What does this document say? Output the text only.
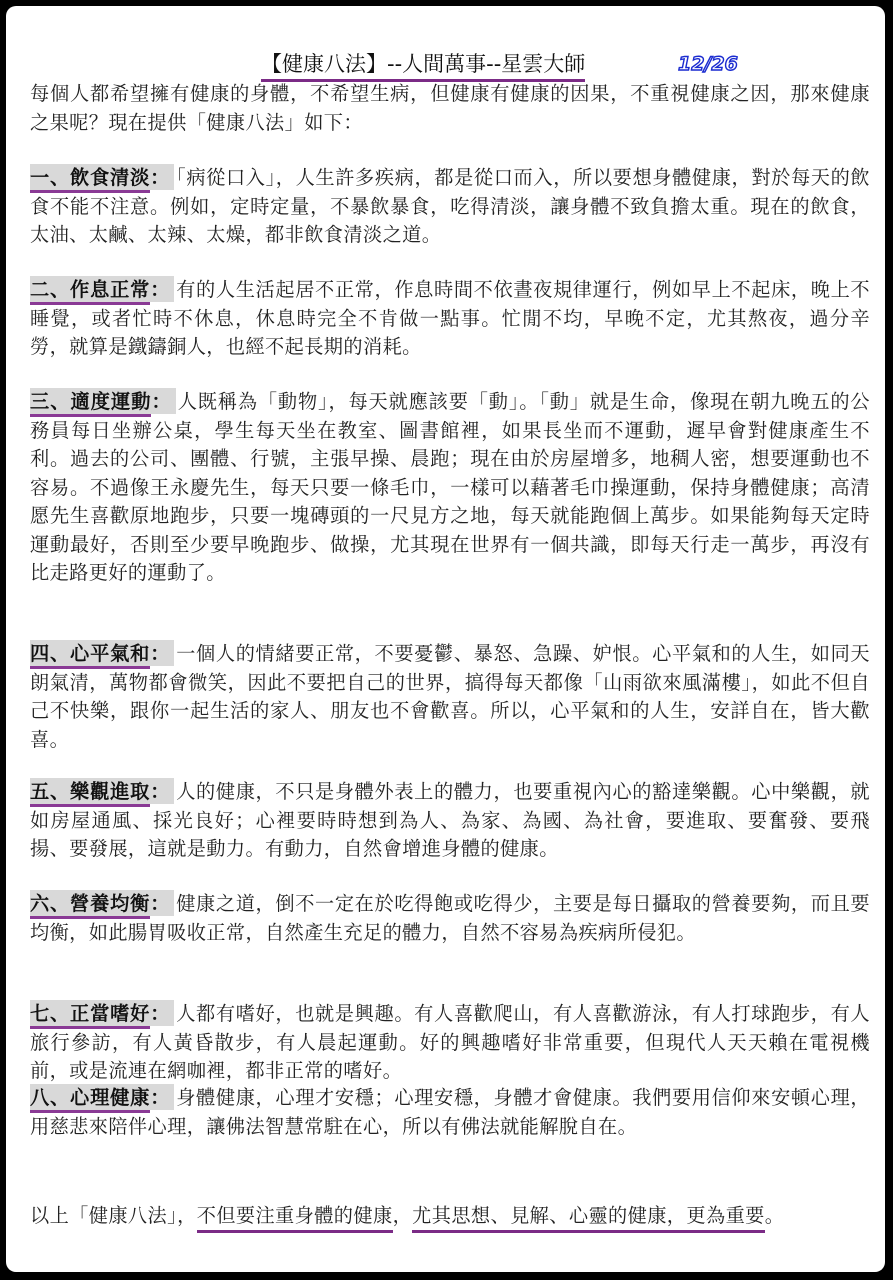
【健康八法】--人間萬事--星雲大師	12/26
每個人都希望擁有健康的身體，不希望生病，但健康有健康的因果，不重視健康之因，那來健康之果呢？現在提供「健康八法」如下：
一、飲食清淡： 「病從口入」，人生許多疾病，都是從口而入，所以要想身體健康，對於每天的飲食不能不注意。例如，定時定量，不暴飲暴食，吃得清淡，讓身體不致負擔太重。現在的飲食，太油、太鹹、太辣、太燥，都非飲食清淡之道。
二、作息正常： 有的人生活起居不正常，作息時間不依晝夜規律運行，例如早上不起床，晚上不睡覺，或者忙時不休息，休息時完全不肯做一點事。忙閒不均，早晚不定，尤其熬夜，過分辛勞，就算是鐵鑄銅人，也經不起長期的消耗。
三、適度運動： 人既稱為「動物」，每天就應該要「動」。「動」就是生命，像現在朝九晚五的公務員每日坐辦公桌，學生每天坐在教室、圖書館裡，如果長坐而不運動，遲早會對健康產生不利。過去的公司、團體、行號，主張早操、晨跑；現在由於房屋增多，地稠人密，想要運動也不容易。不過像王永慶先生，每天只要一條毛巾，一樣可以藉著毛巾操運動，保持身體健康；高清愿先生喜歡原地跑步，只要一塊磚頭的一尺見方之地，每天就能跑個上萬步。如果能夠每天定時運動最好，否則至少要早晚跑步、做操，尤其現在世界有一個共識，即每天行走一萬步，再沒有比走路更好的運動了。
四、心平氣和： 一個人的情緒要正常，不要憂鬱、暴怒、急躁、妒恨。心平氣和的人生，如同天朗氣清，萬物都會微笑，因此不要把自己的世界，搞得每天都像「山雨欲來風滿樓」，如此不但自己不快樂，跟你一起生活的家人、朋友也不會歡喜。所以，心平氣和的人生，安詳自在，皆大歡喜。
五、樂觀進取： 人的健康，不只是身體外表上的體力，也要重視內心的豁達樂觀。心中樂觀，就如房屋通風、採光良好；心裡要時時想到為人、為家、為國、為社會，要進取、要奮發、要飛揚、要發展，這就是動力。有動力，自然會增進身體的健康。
六、營養均衡： 健康之道，倒不一定在於吃得飽或吃得少，主要是每日攝取的營養要夠，而且要均衡，如此腸胃吸收正常，自然產生充足的體力，自然不容易為疾病所侵犯。
七、正當嗜好： 人都有嗜好，也就是興趣。有人喜歡爬山，有人喜歡游泳，有人打球跑步，有人旅行參訪，有人黃昏散步，有人晨起運動。好的興趣嗜好非常重要，但現代人天天賴在電視機前，或是流連在網咖裡，都非正常的嗜好。
八、心理健康： 身體健康，心理才安穩；心理安穩，身體才會健康。我們要用信仰來安頓心理，用慈悲來陪伴心理，讓佛法智慧常駐在心，所以有佛法就能解脫自在。
以上「健康八法」，不但要注重身體的健康，尤其思想、見解、心靈的健康，更為重要。
